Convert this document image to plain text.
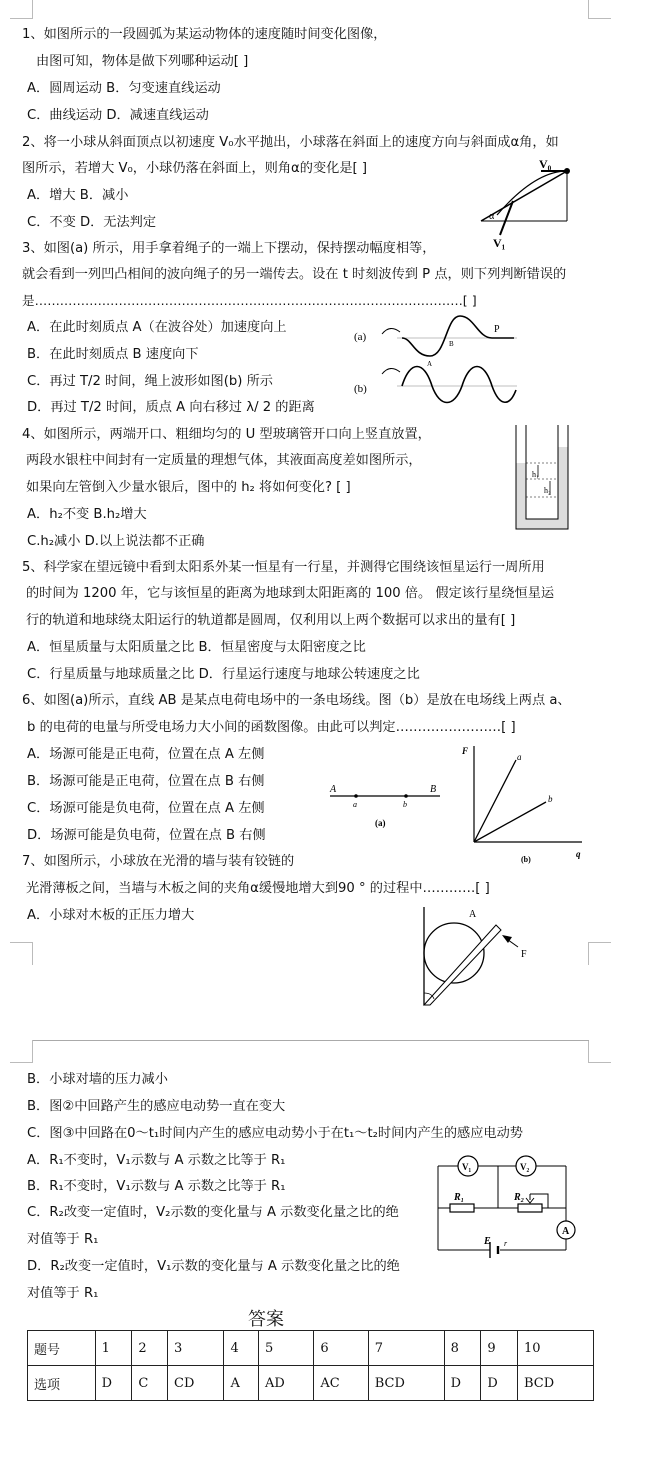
1、如图所示的一段圆弧为某运动物体的速度随时间变化图像，
由图可知，物体是做下列哪种运动[ ]
A．圆周运动 B．匀变速直线运动
C．曲线运动 D．减速直线运动
2、将一小球从斜面顶点以初速度 V₀水平抛出，小球落在斜面上的速度方向与斜面成α角，如
图所示，若增大 V₀，小球仍落在斜面上，则角α的变化是[ ]
A．增大 B．减小
C．不变 D．无法判定
3、如图(a) 所示，用手拿着绳子的一端上下摆动，保持摆动幅度相等，
就会看到一列凹凸相间的波向绳子的另一端传去。设在 t 时刻波传到 P 点，则下列判断错误的
是…………………………………………………………………………………………[ ]
A．在此时刻质点 A（在波谷处）加速度向上
B．在此时刻质点 B 速度向下
C．再过 T/2 时间，绳上波形如图(b) 所示
D．再过 T/2 时间，质点 A 向右移过 λ/ 2 的距离
4、如图所示，两端开口、粗细均匀的 U 型玻璃管开口向上竖直放置，
两段水银柱中间封有一定质量的理想气体，其液面高度差如图所示，
如果向左管倒入少量水银后，图中的 h₂ 将如何变化? [ ]
A．h₂不变 B.h₂增大
C.h₂减小 D.以上说法都不正确
5、科学家在望远镜中看到太阳系外某一恒星有一行星，并测得它围绕该恒星运行一周所用
的时间为 1200 年，它与该恒星的距离为地球到太阳距离的 100 倍。 假定该行星绕恒星运
行的轨道和地球绕太阳运行的轨道都是圆周，仅利用以上两个数据可以求出的量有[ ]
A．恒星质量与太阳质量之比 B．恒星密度与太阳密度之比
C．行星质量与地球质量之比 D．行星运行速度与地球公转速度之比
6、如图(a)所示，直线 AB 是某点电荷电场中的一条电场线。图（b）是放在电场线上两点 a、
b 的电荷的电量与所受电场力大小间的函数图像。由此可以判定……………………[ ]
A．场源可能是正电荷，位置在点 A 左侧
B．场源可能是正电荷，位置在点 B 右侧
C．场源可能是负电荷，位置在点 A 左侧
D．场源可能是负电荷，位置在点 B 右侧
7、如图所示，小球放在光滑的墙与装有铰链的
光滑薄板之间，当墙与木板之间的夹角α缓慢地增大到90 ° 的过程中…………[ ]
A．小球对木板的正压力增大
B．小球对墙的压力减小
B．图②中回路产生的感应电动势一直在变大
C．图③中回路在0～t₁时间内产生的感应电动势小于在t₁～t₂时间内产生的感应电动势
A．R₁不变时，V₁示数与 A 示数之比等于 R₁
B．R₁不变时，V₁示数与 A 示数之比等于 R₁
C．R₂改变一定值时，V₂示数的变化量与 A 示数变化量之比的绝
对值等于 R₁
D．R₂改变一定值时，V₁示数的变化量与 A 示数变化量之比的绝
对值等于 R₁
V₀
V₁
α
(a)
P
A
B
(b)
h₁
h₂
A	B
a	b
(a)
F
q
a
b
(b)
A
F
V₁	V₂
R₁	R₂
A
E r
答案
题号	1	2	3	4	5	6	7	8	9	10
选项	D	C	CD	A	AD	AC	BCD	D	D	BCD
